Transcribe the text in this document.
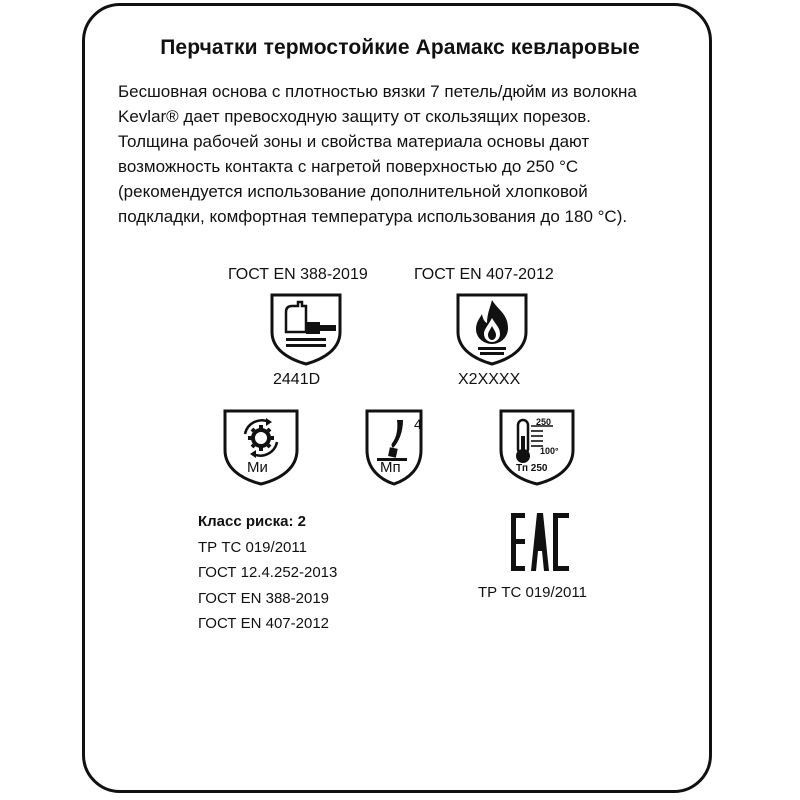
Перчатки термостойкие Арамакс кевларовые
Бесшовная основа с плотностью вязки 7 петель/дюйм из волокна
Kevlar® дает превосходную защиту от скользящих порезов.
Толщина рабочей зоны и свойства материала основы дают
возможность контакта с нагретой поверхностью до 250 °С
(рекомендуется использование дополнительной хлопковой
подкладки, комфортная температура использования до 180 °С).
ГОСТ EN 388-2019
2441D
ГОСТ EN 407-2012
X2XXXX
Ми
4
Мп
250
100°
Тп 250
Класс риска: 2
ТР ТС 019/2011
ГОСТ 12.4.252-2013
ГОСТ EN 388-2019
ГОСТ EN 407-2012
ТР ТС 019/2011
